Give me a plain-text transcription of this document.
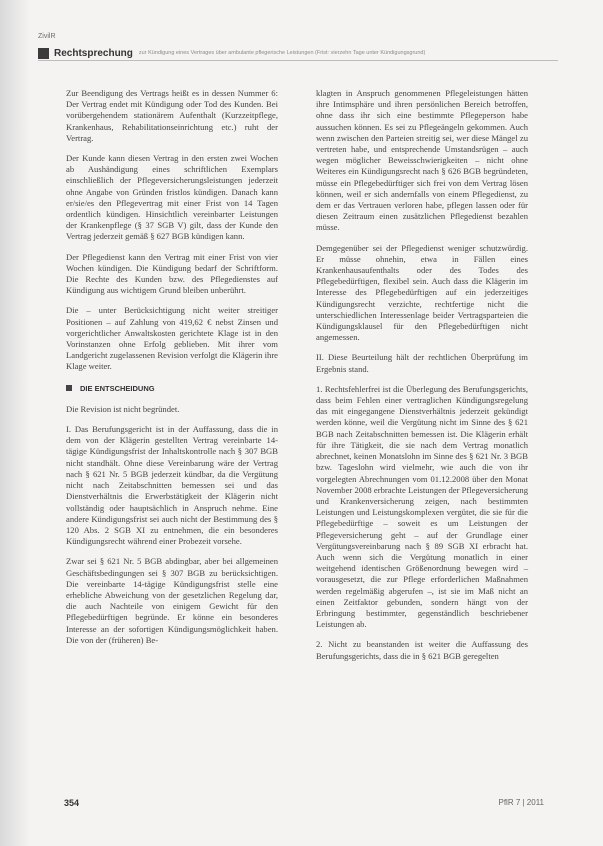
ZivilR
Rechtsprechung zur Kündigung eines Vertrages über ambulante pflegerische Leistungen (Frist: vierzehn Tage unter Kündigungsgrund)

Zur Beendigung des Vertrags heißt es in dessen Nummer 6: Der Vertrag endet mit Kündigung oder Tod des Kunden. Bei vorübergehendem stationärem Aufenthalt (Kurzzeitpflege, Krankenhaus, Rehabilitationseinrichtung etc.) ruht der Vertrag.

Der Kunde kann diesen Vertrag in den ersten zwei Wochen ab Aushändigung eines schriftlichen Exemplars einschließlich der Pflegeversicherungsleistungen jederzeit ohne Angabe von Gründen fristlos kündigen. Danach kann er/sie/es den Pflegevertrag mit einer Frist von 14 Tagen ordentlich kündigen. Hinsichtlich vereinbarter Leistungen der Krankenpflege (§ 37 SGB V) gilt, dass der Kunde den Vertrag jederzeit gemäß § 627 BGB kündigen kann.

Der Pflegedienst kann den Vertrag mit einer Frist von vier Wochen kündigen. Die Kündigung bedarf der Schriftform. Die Rechte des Kunden bzw. des Pflegedienstes auf Kündigung aus wichtigem Grund bleiben unberührt.

Die – unter Berücksichtigung nicht weiter streitiger Positionen – auf Zahlung von 419,62 € nebst Zinsen und vorgerichtlicher Anwaltskosten gerichtete Klage ist in den Vorinstanzen ohne Erfolg geblieben. Mit ihrer vom Landgericht zugelassenen Revision verfolgt die Klägerin ihre Klage weiter.

DIE ENTSCHEIDUNG

Die Revision ist nicht begründet.

I. Das Berufungsgericht ist in der Auffassung, dass die in dem von der Klägerin gestellten Vertrag vereinbarte 14-tägige Kündigungsfrist der Inhaltskontrolle nach § 307 BGB nicht standhält. Ohne diese Vereinbarung wäre der Vertrag nach § 621 Nr. 5 BGB jederzeit kündbar, da die Vergütung nicht nach Zeitabschnitten bemessen sei und das Dienstverhältnis die Erwerbstätigkeit der Klägerin nicht vollständig oder hauptsächlich in Anspruch nehme. Eine andere Kündigungsfrist sei auch nicht der Bestimmung des § 120 Abs. 2 SGB XI zu entnehmen, die ein besonderes Kündigungsrecht während einer Probezeit vorsehe.

Zwar sei § 621 Nr. 5 BGB abdingbar, aber bei allgemeinen Geschäftsbedingungen sei § 307 BGB zu berücksichtigen. Die vereinbarte 14-tägige Kündigungsfrist stelle eine erhebliche Abweichung von der gesetzlichen Regelung dar, die auch Nachteile von einigem Gewicht für den Pflegebedürftigen begründe. Er könne ein besonderes Interesse an der sofortigen Kündigungsmöglichkeit haben. Die von der (früheren) Be-

klagten in Anspruch genommenen Pflegeleistungen hätten ihre Intimsphäre und ihren persönlichen Bereich betroffen, ohne dass ihr sich eine bestimmte Pflegeperson habe aussuchen können. Es sei zu Pflegeängeln gekommen. Auch wenn zwischen den Parteien streitig sei, wer diese Mängel zu vertreten habe, und entsprechende Umstandsrügen – auch wegen möglicher Beweisschwierigkeiten – nicht ohne Weiteres ein Kündigungsrecht nach § 626 BGB begründeten, müsse ein Pflegebedürftiger sich frei von dem Vertrag lösen können, weil er sich andernfalls von einem Pflegedienst, zu dem er das Vertrauen verloren habe, pflegen lassen oder für diesen Zeitraum einen zusätzlichen Pflegedienst bezahlen müsse.

Demgegenüber sei der Pflegedienst weniger schutzwürdig. Er müsse ohnehin, etwa in Fällen eines Krankenhausaufenthalts oder des Todes des Pflegebedürftigen, flexibel sein. Auch dass die Klägerin im Interesse des Pflegebedürftigen auf ein jederzeitiges Kündigungsrecht verzichte, rechtfertige nicht die unterschiedlichen Interessenlage beider Vertragsparteien die Kündigungsklausel für den Pflegebedürftigen nicht angemessen.

II. Diese Beurteilung hält der rechtlichen Überprüfung im Ergebnis stand.

1. Rechtsfehlerfrei ist die Überlegung des Berufungsgerichts, dass beim Fehlen einer vertraglichen Kündigungsregelung das mit eingegangene Dienstverhältnis jederzeit gekündigt werden könne, weil die Vergütung nicht im Sinne des § 621 BGB nach Zeitabschnitten bemessen ist. Die Klägerin erhält für ihre Tätigkeit, die sie nach dem Vertrag monatlich abrechnet, keinen Monatslohn im Sinne des § 621 Nr. 3 BGB bzw. Tageslohn wird vielmehr, wie auch die von ihr vorgelegten Abrechnungen vom 01.12.2008 über den Monat November 2008 erbrachte Leistungen der Pflegeversicherung und Krankenversicherung zeigen, nach bestimmten Leistungen und Leistungskomplexen vergütet, die sie für die Pflegebedürftige – soweit es um Leistungen der Pflegeversicherung geht – auf der Grundlage einer Vergütungsvereinbarung nach § 89 SGB XI erbracht hat. Auch wenn sich die Vergütung monatlich in einer weitgehend identischen Größenordnung bewegen wird – vorausgesetzt, die zur Pflege erforderlichen Maßnahmen werden regelmäßig abgerufen –, ist sie im Maß nicht an einen Zeitfaktor gebunden, sondern hängt von der Erbringung bestimmter, gegenständlich beschriebener Leistungen ab.

2. Nicht zu beanstanden ist weiter die Auffassung des Berufungsgerichts, dass die in § 621 BGB geregelten

354	PflR 7 | 2011
